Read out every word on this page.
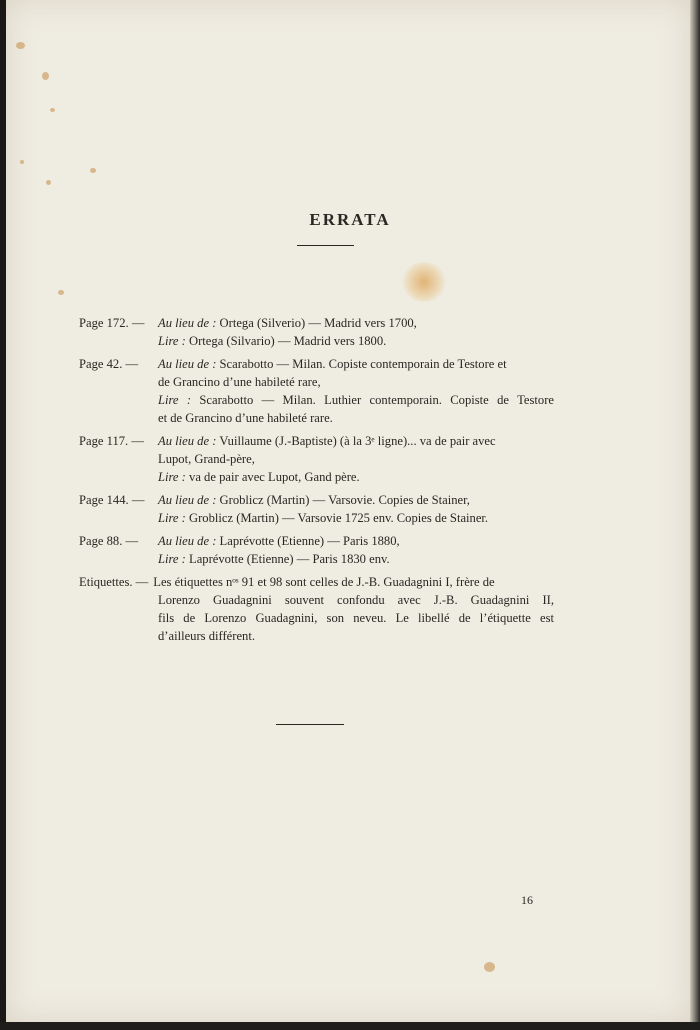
ERRATA
Page 172. — Au lieu de : Ortega (Silverio) — Madrid vers 1700,
Lire : Ortega (Silvario) — Madrid vers 1800.
Page 42. — Au lieu de : Scarabotto — Milan. Copiste contemporain de Testore et
de Grancino d’une habileté rare,
Lire : Scarabotto — Milan. Luthier contemporain. Copiste de Testore
et de Grancino d’une habileté rare.
Page 117. — Au lieu de : Vuillaume (J.-Baptiste) (à la 3ᵉ ligne)... va de pair avec
Lupot, Grand-père,
Lire : va de pair avec Lupot, Gand père.
Page 144. — Au lieu de : Groblicz (Martin) — Varsovie. Copies de Stainer,
Lire : Groblicz (Martin) — Varsovie 1725 env. Copies de Stainer.
Page 88. — Au lieu de : Laprévotte (Etienne) — Paris 1880,
Lire : Laprévotte (Etienne) — Paris 1830 env.
Etiquettes. — Les étiquettes nᵒˢ 91 et 98 sont celles de J.-B. Guadagnini I, frère de
Lorenzo Guadagnini souvent confondu avec J.-B. Guadagnini II,
fils de Lorenzo Guadagnini, son neveu. Le libellé de l’étiquette est
d’ailleurs différent.
16
